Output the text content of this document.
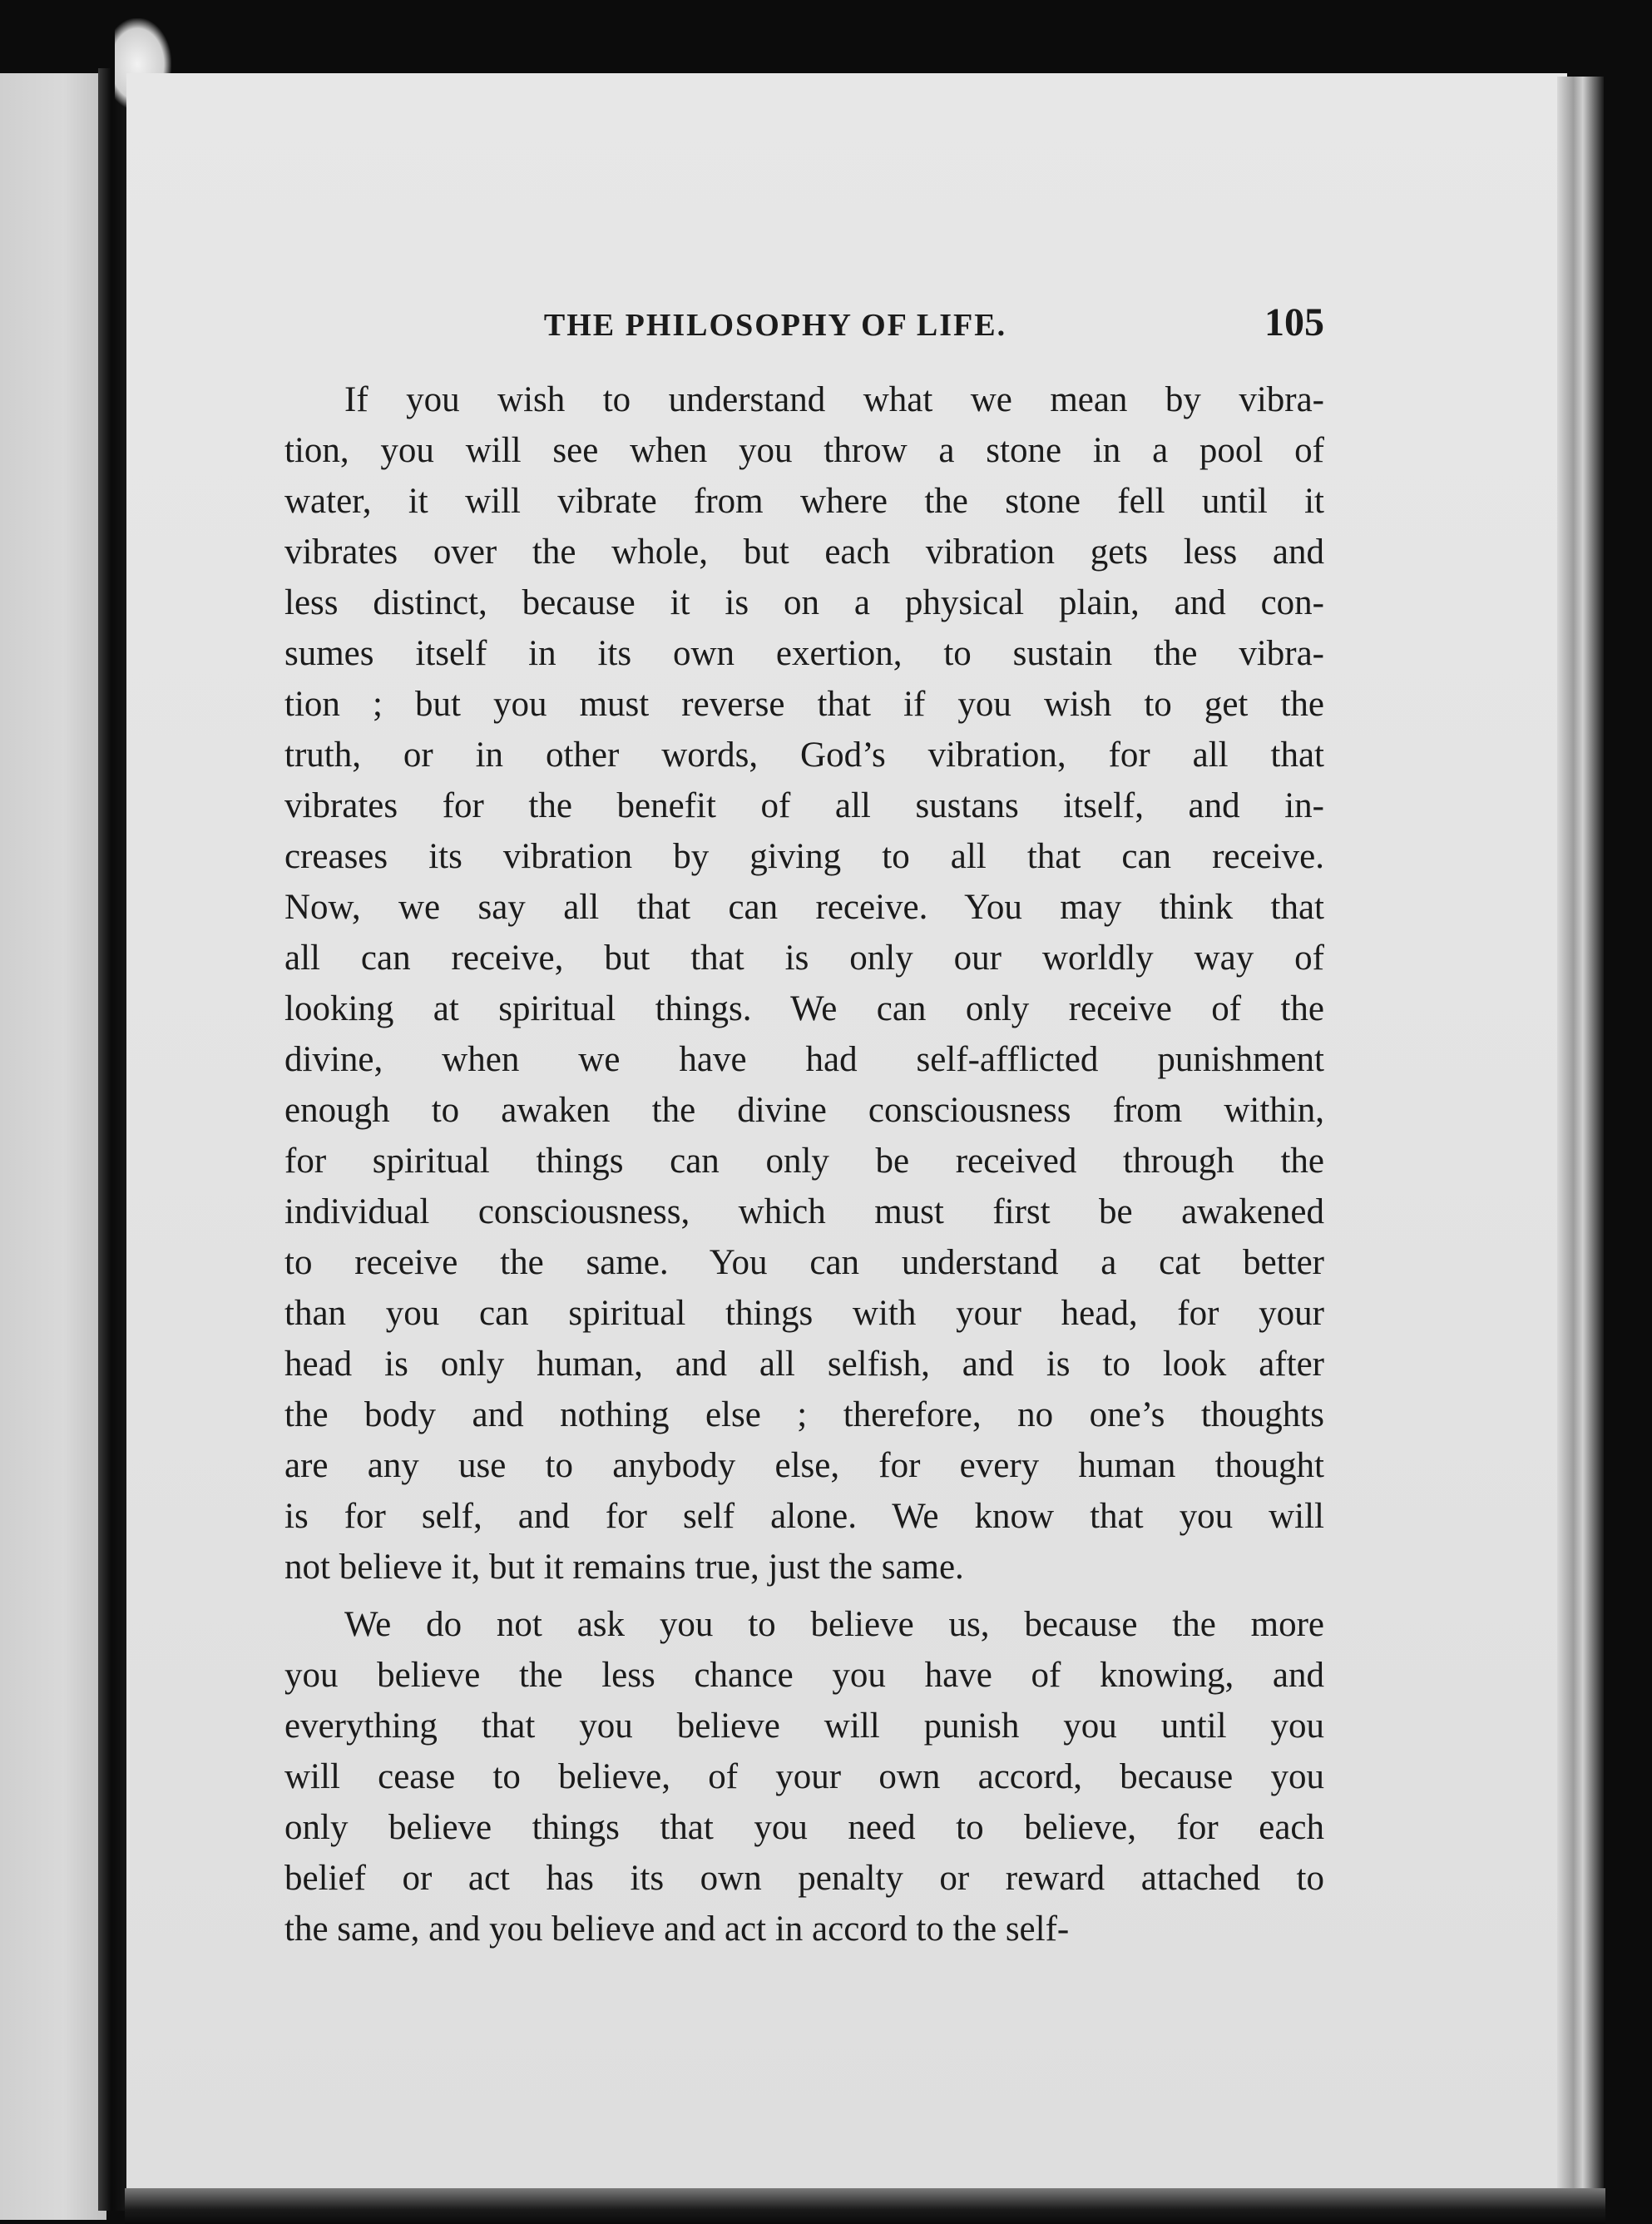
THE PHILOSOPHY OF LIFE.	105

If you wish to understand what we mean by vibra-
tion, you will see when you throw a stone in a pool of
water, it will vibrate from where the stone fell until it
vibrates over the whole, but each vibration gets less and
less distinct, because it is on a physical plain, and con-
sumes itself in its own exertion, to sustain the vibra-
tion ; but you must reverse that if you wish to get the
truth, or in other words, God’s vibration, for all that
vibrates for the benefit of all sustans itself, and in-
creases its vibration by giving to all that can receive.
Now, we say all that can receive. You may think that
all can receive, but that is only our worldly way of
looking at spiritual things. We can only receive of the
divine, when we have had self-afflicted punishment
enough to awaken the divine consciousness from within,
for spiritual things can only be received through the
individual consciousness, which must first be awakened
to receive the same. You can understand a cat better
than you can spiritual things with your head, for your
head is only human, and all selfish, and is to look after
the body and nothing else ; therefore, no one’s thoughts
are any use to anybody else, for every human thought
is for self, and for self alone. We know that you will
not believe it, but it remains true, just the same.

We do not ask you to believe us, because the more
you believe the less chance you have of knowing, and
everything that you believe will punish you until you
will cease to believe, of your own accord, because you
only believe things that you need to believe, for each
belief or act has its own penalty or reward attached to
the same, and you believe and act in accord to the self-
